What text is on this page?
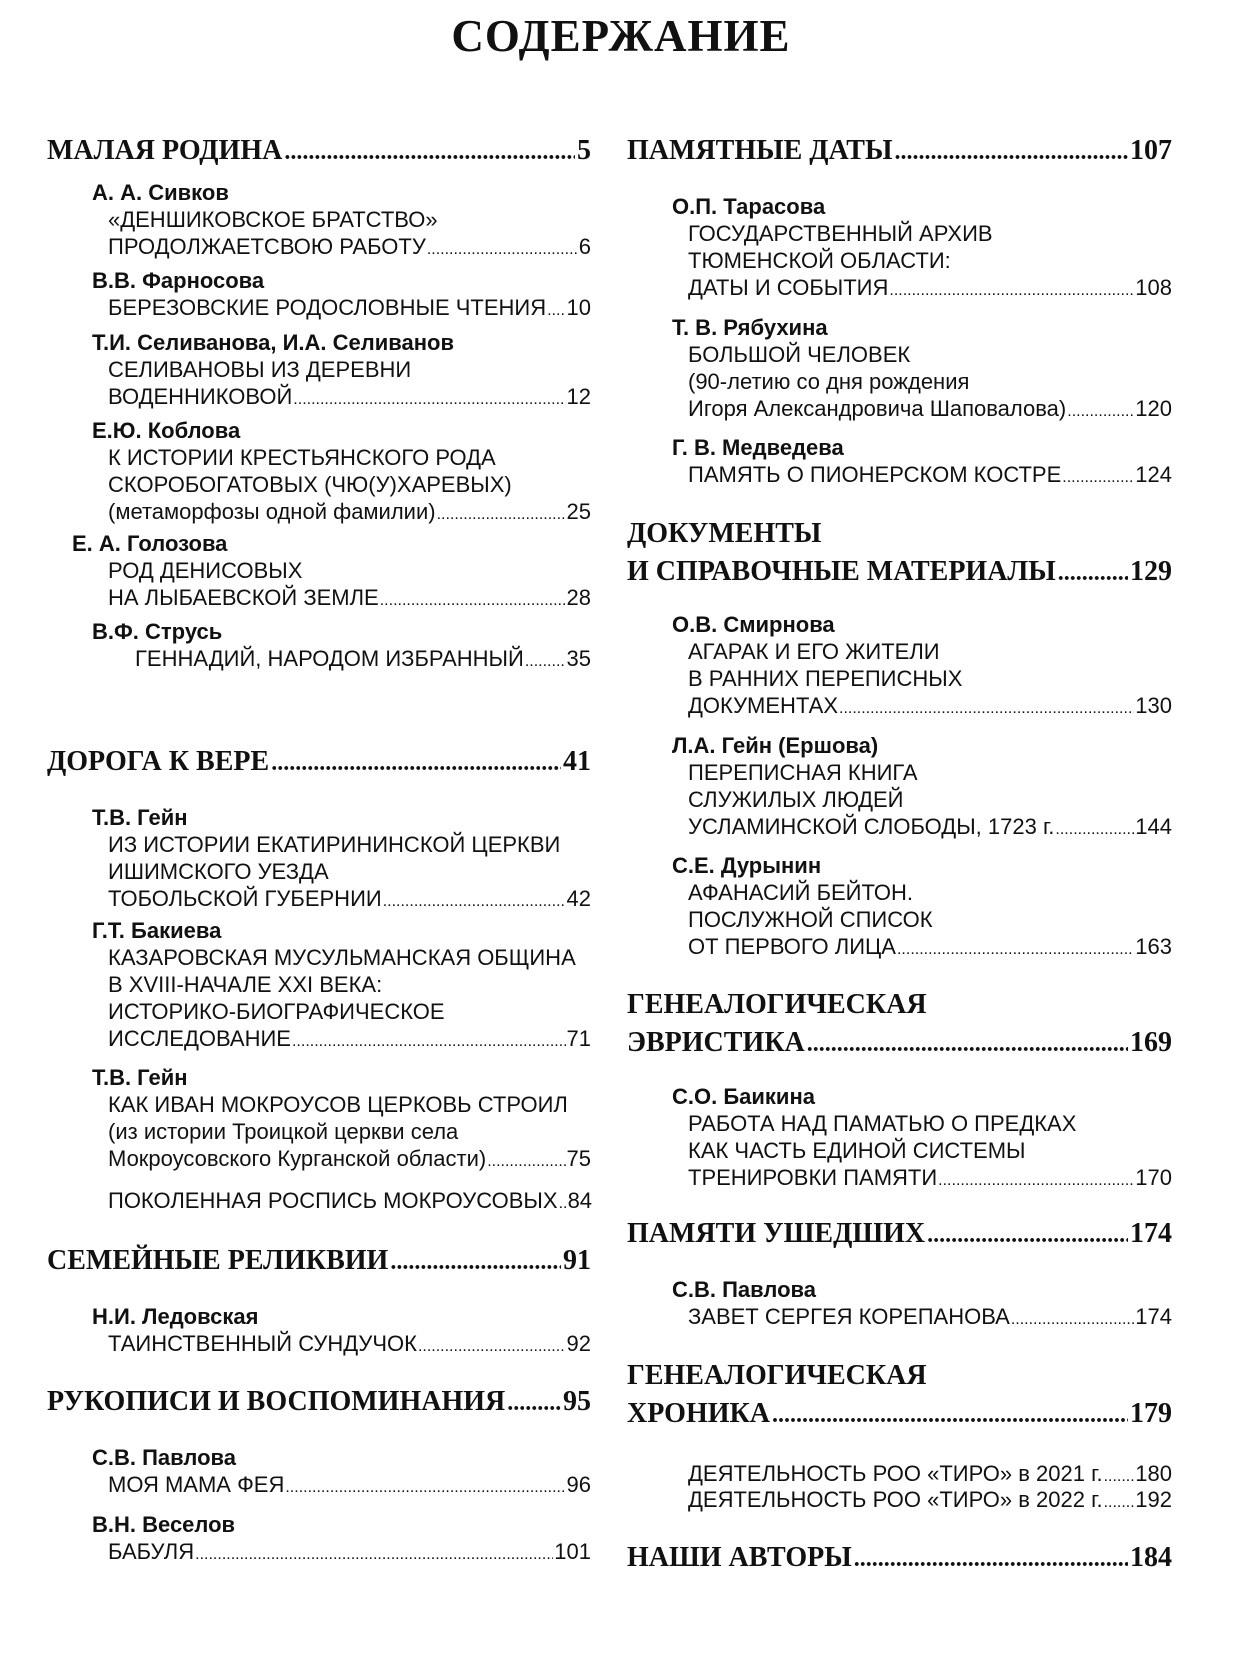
СОДЕРЖАНИЕ
МАЛАЯ РОДИНА .....	5
А. А. Сивков
«ДЕНШИКОВСКОЕ БРАТСТВО»
ПРОДОЛЖАЕТСВОЮ РАБОТУ .....	6
В.В. Фарносова
БЕРЕЗОВСКИЕ РОДОСЛОВНЫЕ ЧТЕНИЯ ..... 10
Т.И. Селиванова, И.А. Селиванов
СЕЛИВАНОВЫ ИЗ ДЕРЕВНИ
ВОДЕННИКОВОЙ .....	12
Е.Ю. Коблова
К ИСТОРИИ КРЕСТЬЯНСКОГО РОДА
СКОРОБОГАТОВЫХ (ЧЮ(У)ХАРЕВЫХ)
(метаморфозы одной фамилии) .....	25
Е. А. Голозова
РОД ДЕНИСОВЫХ
НА ЛЫБАЕВСКОЙ ЗЕМЛЕ .....	28
В.Ф. Струсь
ГЕННАДИЙ, НАРОДОМ ИЗБРАННЫЙ ..... 35
ДОРОГА К ВЕРЕ .....	41
Т.В. Гейн
ИЗ ИСТОРИИ ЕКАТИРИНИНСКОЙ ЦЕРКВИ
ИШИМСКОГО УЕЗДА
ТОБОЛЬСКОЙ ГУБЕРНИИ .....	42
Г.Т. Бакиева
КАЗАРОВСКАЯ МУСУЛЬМАНСКАЯ ОБЩИНА
В XVIII-НАЧАЛЕ XXI ВЕКА:
ИСТОРИКО-БИОГРАФИЧЕСКОЕ
ИССЛЕДОВАНИЕ .....	71
Т.В. Гейн
КАК ИВАН МОКРОУСОВ ЦЕРКОВЬ СТРОИЛ
(из истории Троицкой церкви села
Мокроусовского Курганской области) .....	75
ПОКОЛЕННАЯ РОСПИСЬ МОКРОУСОВЫХ ..... 84
СЕМЕЙНЫЕ РЕЛИКВИИ .....	91
Н.И. Ледовская
ТАИНСТВЕННЫЙ СУНДУЧОК .....	92
РУКОПИСИ И ВОСПОМИНАНИЯ ..... 95
С.В. Павлова
МОЯ МАМА ФЕЯ .....	96
В.Н. Веселов
БАБУЛЯ .....	101
ПАМЯТНЫЕ ДАТЫ .....	107
О.П. Тарасова
ГОСУДАРСТВЕННЫЙ АРХИВ
ТЮМЕНСКОЙ ОБЛАСТИ:
ДАТЫ И СОБЫТИЯ .....	108
Т. В. Рябухина
БОЛЬШОЙ ЧЕЛОВЕК
(90-летию со дня рождения
Игоря Александровича Шаповалова) .....	120
Г. В. Медведева
ПАМЯТЬ О ПИОНЕРСКОМ КОСТРЕ .....	124
ДОКУМЕНТЫ
И СПРАВОЧНЫЕ МАТЕРИАЛЫ .....	129
О.В. Смирнова
АГАРАК И ЕГО ЖИТЕЛИ
В РАННИХ ПЕРЕПИСНЫХ
ДОКУМЕНТАХ .....	130
Л.А. Гейн (Ершова)
ПЕРЕПИСНАЯ КНИГА
СЛУЖИЛЫХ ЛЮДЕЙ
УСЛАМИНСКОЙ СЛОБОДЫ, 1723 г. .....	144
С.Е. Дурынин
АФАНАСИЙ БЕЙТОН.
ПОСЛУЖНОЙ СПИСОК
ОТ ПЕРВОГО ЛИЦА .....	163
ГЕНЕАЛОГИЧЕСКАЯ
ЭВРИСТИКА .....	169
С.О. Баикина
РАБОТА НАД ПАМАТЬЮ О ПРЕДКАХ
КАК ЧАСТЬ ЕДИНОЙ СИСТЕМЫ
ТРЕНИРОВКИ ПАМЯТИ .....	170
ПАМЯТИ УШЕДШИХ .....	174
С.В. Павлова
ЗАВЕТ СЕРГЕЯ КОРЕПАНОВА .....	174
ГЕНЕАЛОГИЧЕСКАЯ
ХРОНИКА .....	179
ДЕЯТЕЛЬНОСТЬ РОО «ТИРО» в 2021 г. ..... 180
ДЕЯТЕЛЬНОСТЬ РОО «ТИРО» в 2022 г. ..... 192
НАШИ АВТОРЫ .....	184
